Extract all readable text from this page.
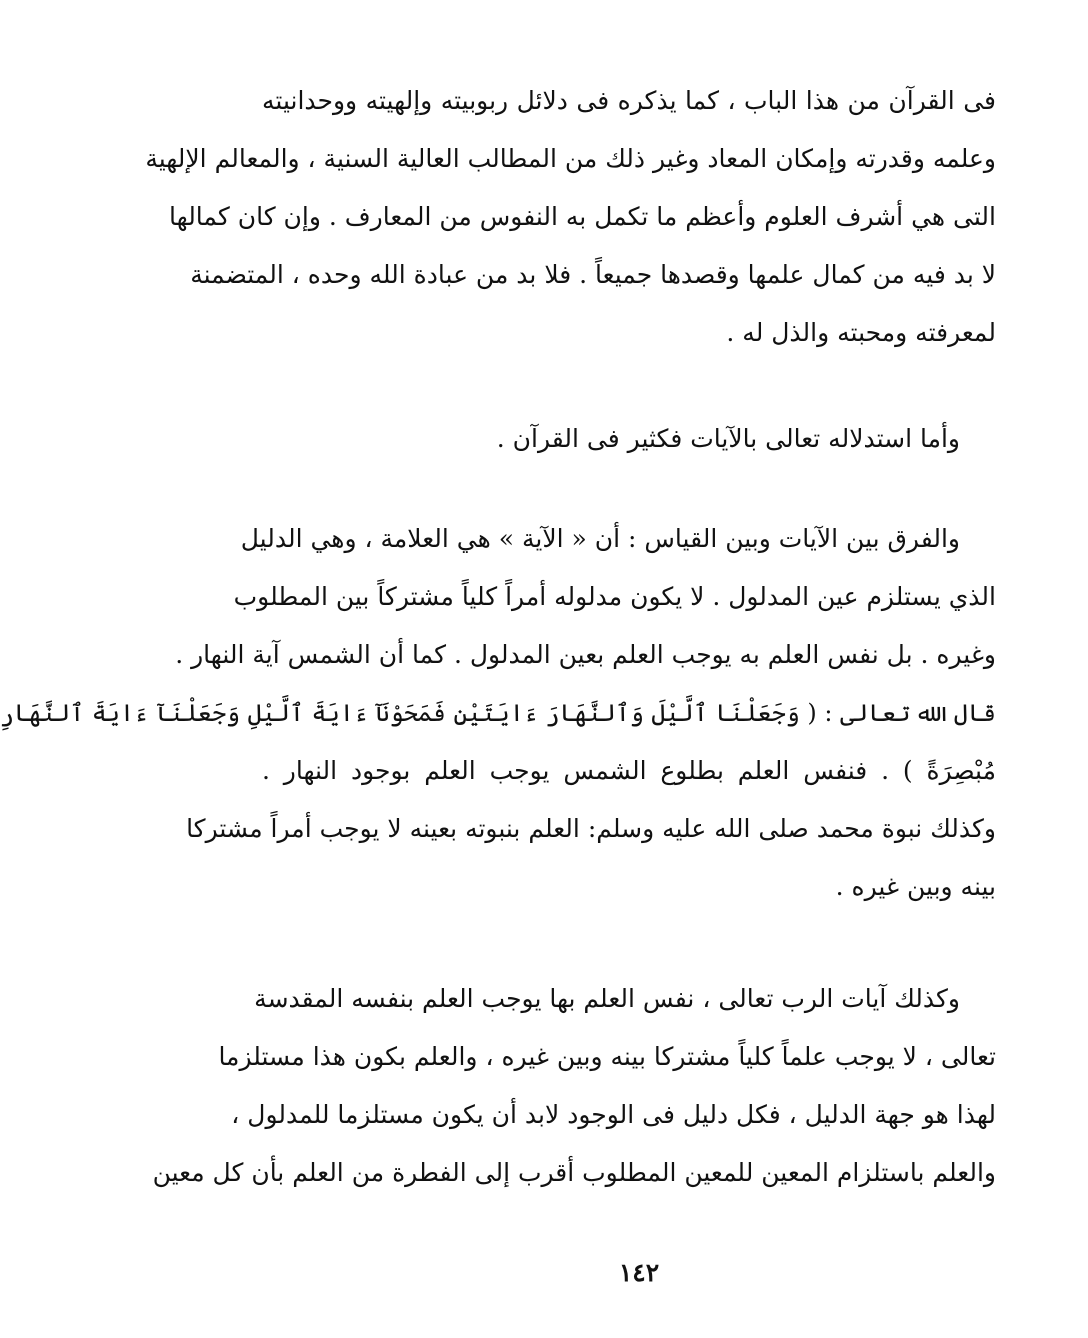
فى القرآن من هذا الباب ، كما يذكره فى دلائل ربوبيته وإلهيته ووحدانيته
وعلمه وقدرته وإمكان المعاد وغير ذلك من المطالب العالية السنية ، والمعالم الإلهية
التى هي أشرف العلوم وأعظم ما تكمل به النفوس من المعارف . وإن كان كمالها
لا بد فيه من كمال علمها وقصدها جميعاً . فلا بد من عبادة الله وحده ، المتضمنة
لمعرفته ومحبته والذل له .
وأما استدلاله تعالى بالآيات فكثير فى القرآن .
والفرق بين الآيات وبين القياس : أن « الآية » هي العلامة ، وهي الدليل
الذي يستلزم عين المدلول . لا يكون مدلوله أمراً كلياً مشتركاً بين المطلوب
وغيره . بل نفس العلم به يوجب العلم بعين المدلول . كما أن الشمس آية النهار .
قال الله تعالى : ( وَجَعَلْنَا ٱلَّيْلَ وَٱلنَّهَارَ ءَايَتَيْنِ فَمَحَوْنَآ ءَايَةَ ٱلَّيْلِ وَجَعَلْنَآ ءَايَةَ ٱلنَّهَارِ
مُبْصِرَةً ) . فنفس العلم بطلوع الشمس يوجب العلم بوجود النهار .
وكذلك نبوة محمد صلى الله عليه وسلم: العلم بنبوته بعينه لا يوجب أمراً مشتركا
بينه وبين غيره .
وكذلك آيات الرب تعالى ، نفس العلم بها يوجب العلم بنفسه المقدسة
تعالى ، لا يوجب علماً كلياً مشتركا بينه وبين غيره ، والعلم بكون هذا مستلزما
لهذا هو جهة الدليل ، فكل دليل فى الوجود لابد أن يكون مستلزما للمدلول ،
والعلم باستلزام المعين للمعين المطلوب أقرب إلى الفطرة من العلم بأن كل معين
١٤٢
